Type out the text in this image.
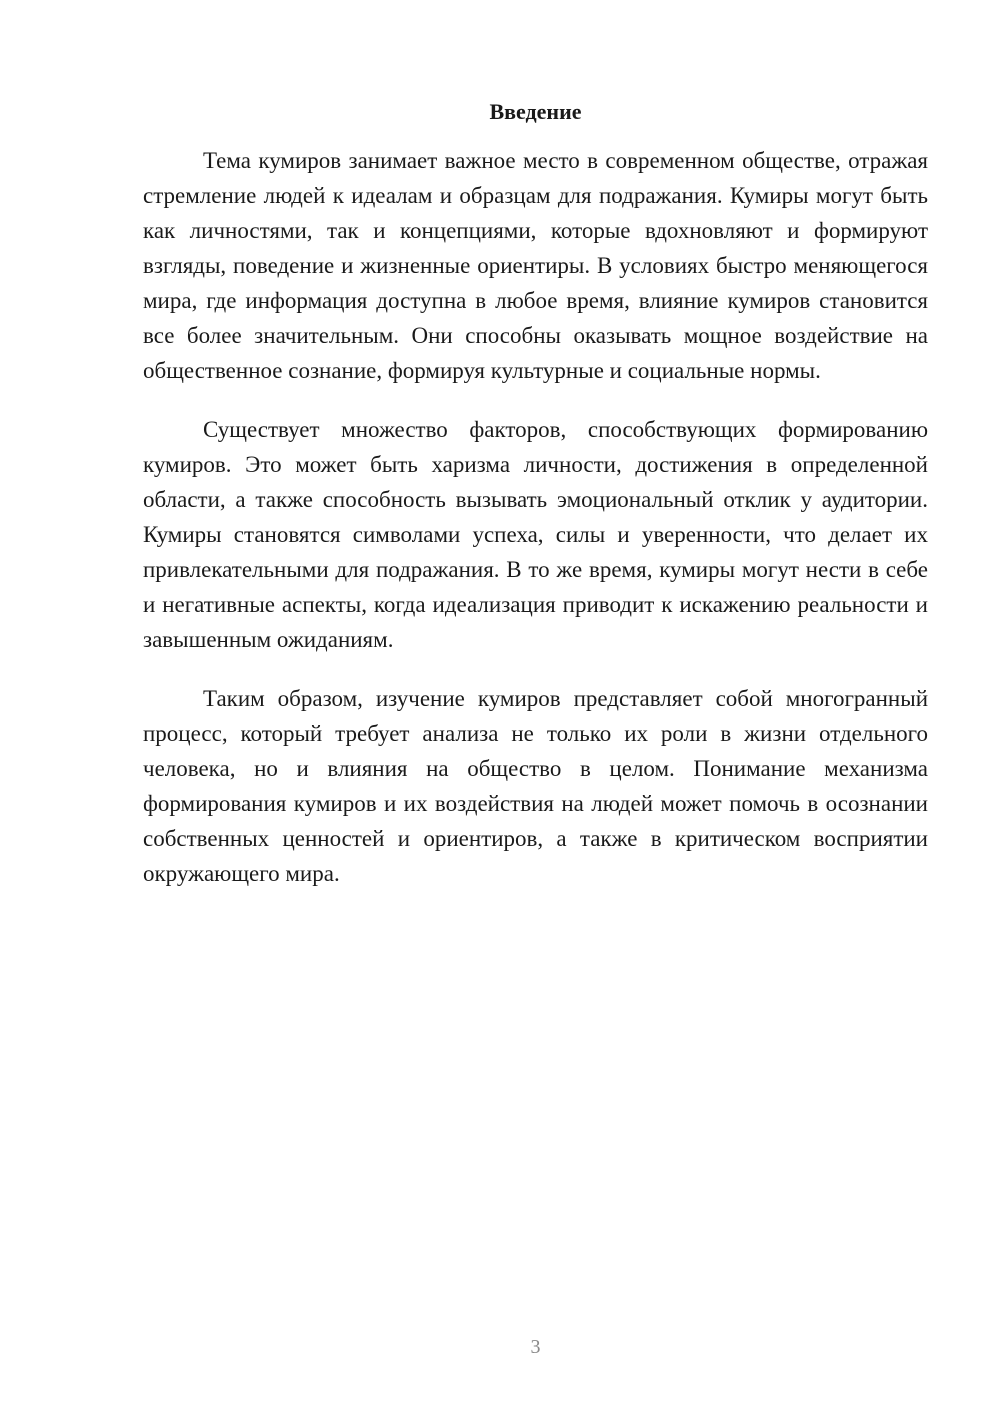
Введение

Тема кумиров занимает важное место в современном обществе, отражая стремление людей к идеалам и образцам для подражания. Кумиры могут быть как личностями, так и концепциями, которые вдохновляют и формируют взгляды, поведение и жизненные ориентиры. В условиях быстро меняющегося мира, где информация доступна в любое время, влияние кумиров становится все более значительным. Они способны оказывать мощное воздействие на общественное сознание, формируя культурные и социальные нормы.

Существует множество факторов, способствующих формированию кумиров. Это может быть харизма личности, достижения в определенной области, а также способность вызывать эмоциональный отклик у аудитории. Кумиры становятся символами успеха, силы и уверенности, что делает их привлекательными для подражания. В то же время, кумиры могут нести в себе и негативные аспекты, когда идеализация приводит к искажению реальности и завышенным ожиданиям.

Таким образом, изучение кумиров представляет собой многогранный процесс, который требует анализа не только их роли в жизни отдельного человека, но и влияния на общество в целом. Понимание механизма формирования кумиров и их воздействия на людей может помочь в осознании собственных ценностей и ориентиров, а также в критическом восприятии окружающего мира.

3
